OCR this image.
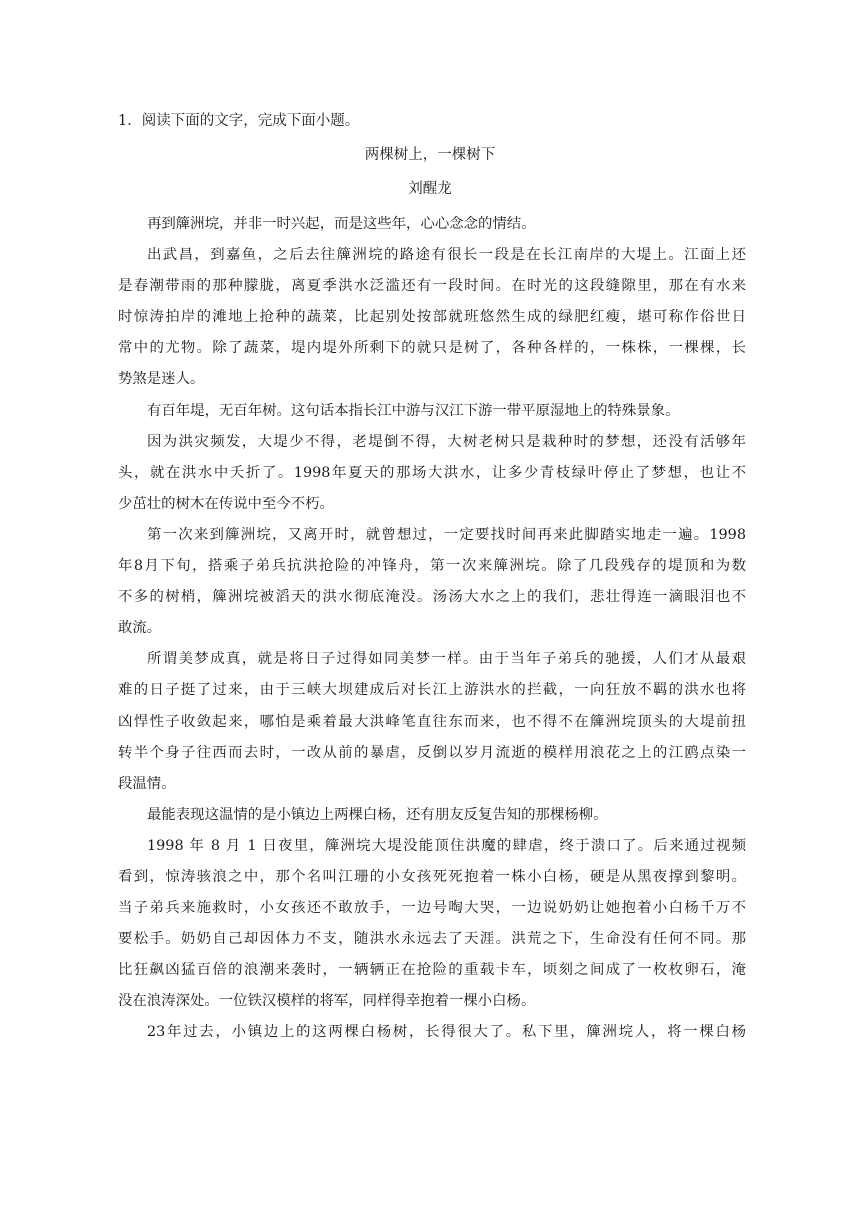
1．阅读下面的文字，完成下面小题。
两棵树上，一棵树下
刘醒龙
再到簰洲垸，并非一时兴起，而是这些年，心心念念的情结。
出武昌，到嘉鱼，之后去往簰洲垸的路途有很长一段是在长江南岸的大堤上。江面上还
是春潮带雨的那种朦胧，离夏季洪水泛滥还有一段时间。在时光的这段缝隙里，那在有水来
时惊涛拍岸的滩地上抢种的蔬菜，比起别处按部就班悠然生成的绿肥红瘦，堪可称作俗世日
常中的尤物。除了蔬菜，堤内堤外所剩下的就只是树了，各种各样的，一株株，一棵棵，长
势煞是迷人。
有百年堤，无百年树。这句话本指长江中游与汉江下游一带平原湿地上的特殊景象。
因为洪灾频发，大堤少不得，老堤倒不得，大树老树只是栽种时的梦想，还没有活够年
头，就在洪水中夭折了。1998年夏天的那场大洪水，让多少青枝绿叶停止了梦想，也让不
少茁壮的树木在传说中至今不朽。
第一次来到簰洲垸，又离开时，就曾想过，一定要找时间再来此脚踏实地走一遍。1998
年8月下旬，搭乘子弟兵抗洪抢险的冲锋舟，第一次来簰洲垸。除了几段残存的堤顶和为数
不多的树梢，簰洲垸被滔天的洪水彻底淹没。汤汤大水之上的我们，悲壮得连一滴眼泪也不
敢流。
所谓美梦成真，就是将日子过得如同美梦一样。由于当年子弟兵的驰援，人们才从最艰
难的日子挺了过来，由于三峡大坝建成后对长江上游洪水的拦截，一向狂放不羁的洪水也将
凶悍性子收敛起来，哪怕是乘着最大洪峰笔直往东而来，也不得不在簰洲垸顶头的大堤前扭
转半个身子往西而去时，一改从前的暴虐，反倒以岁月流逝的模样用浪花之上的江鸥点染一
段温情。
最能表现这温情的是小镇边上两棵白杨，还有朋友反复告知的那棵杨柳。
1998 年 8 月 1 日夜里，簰洲垸大堤没能顶住洪魔的肆虐，终于溃口了。后来通过视频
看到，惊涛骇浪之中，那个名叫江珊的小女孩死死抱着一株小白杨，硬是从黑夜撑到黎明。
当子弟兵来施救时，小女孩还不敢放手，一边号啕大哭，一边说奶奶让她抱着小白杨千万不
要松手。奶奶自己却因体力不支，随洪水永远去了天涯。洪荒之下，生命没有任何不同。那
比狂飙凶猛百倍的浪潮来袭时，一辆辆正在抢险的重载卡车，顷刻之间成了一枚枚卵石，淹
没在浪涛深处。一位铁汉模样的将军，同样得幸抱着一棵小白杨。
23年过去，小镇边上的这两棵白杨树，长得很大了。私下里，簰洲垸人，将一棵白杨
